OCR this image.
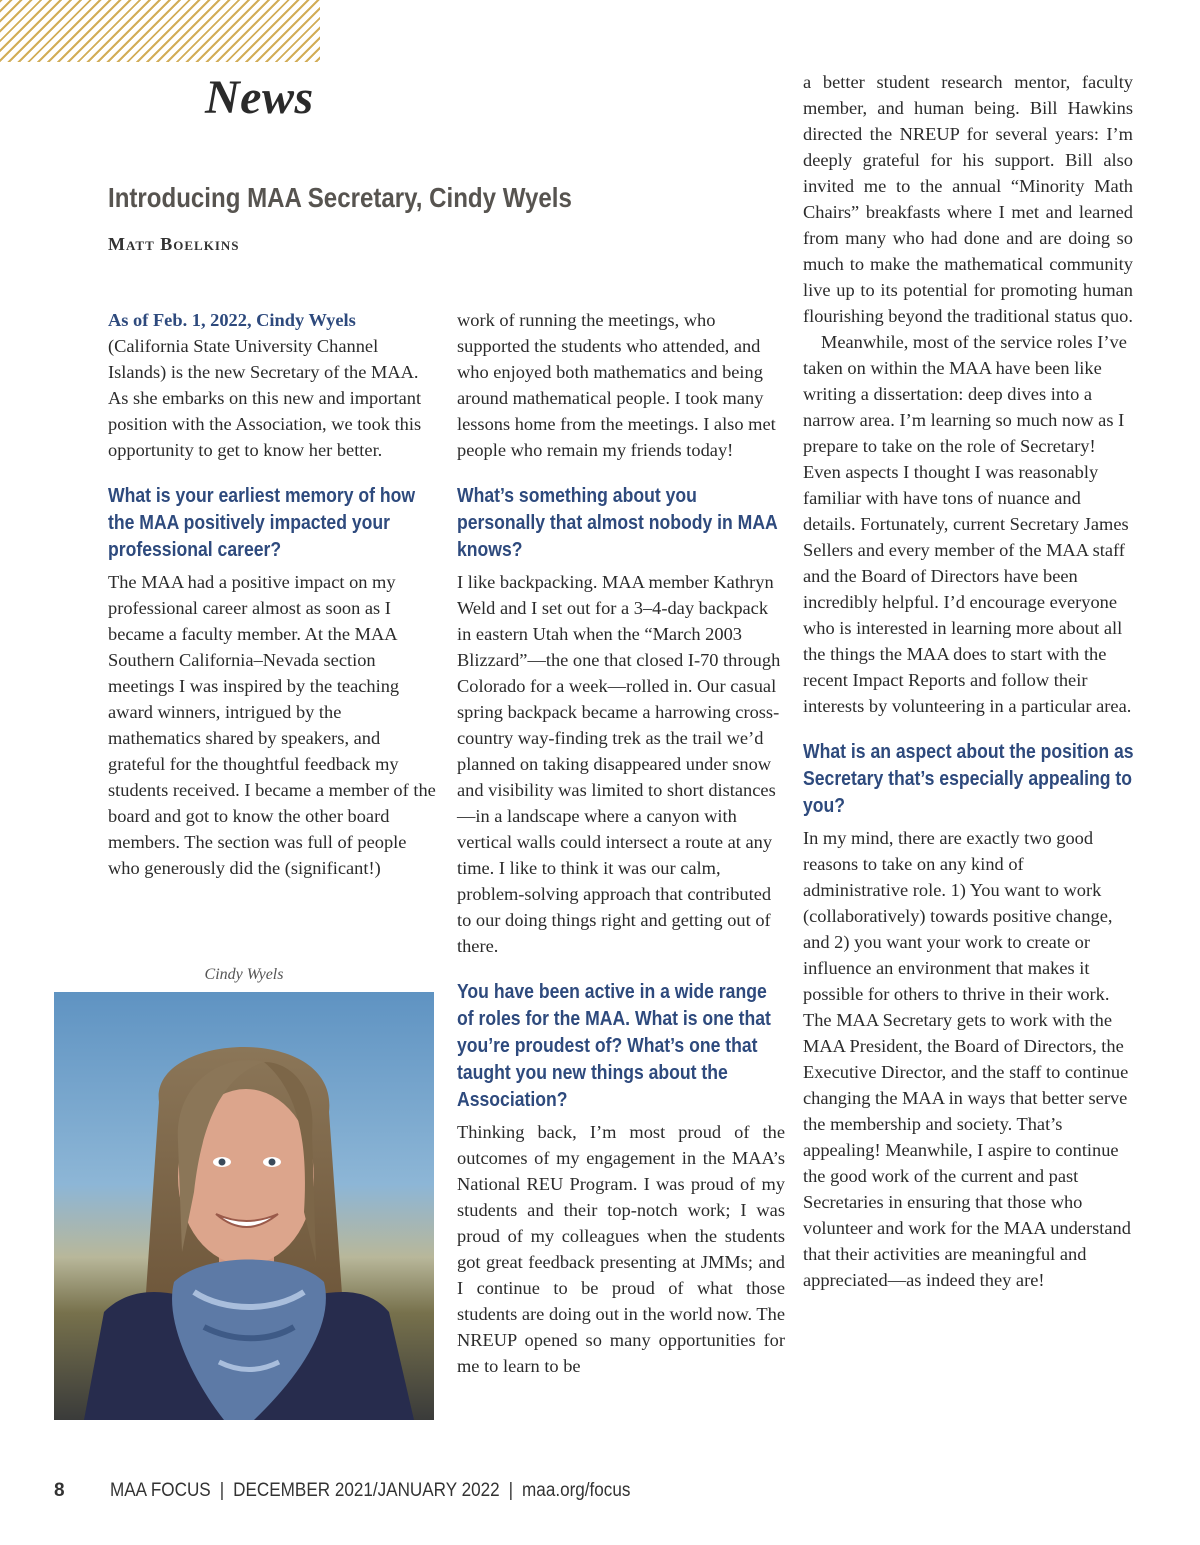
News
Introducing MAA Secretary, Cindy Wyels
Matt Boelkins

As of Feb. 1, 2022, Cindy Wyels (California State University Channel Islands) is the new Secretary of the MAA. As she embarks on this new and important position with the Association, we took this opportunity to get to know her better.

What is your earliest memory of how the MAA positively impacted your professional career?

The MAA had a positive impact on my professional career almost as soon as I became a faculty member. At the MAA Southern California–Nevada section meetings I was inspired by the teaching award winners, intrigued by the mathematics shared by speakers, and grateful for the thoughtful feedback my students received. I became a member of the board and got to know the other board members. The section was full of people who generously did the (significant!)

Cindy Wyels

work of running the meetings, who supported the students who attended, and who enjoyed both mathematics and being around mathematical people. I took many lessons home from the meetings. I also met people who remain my friends today!

What’s something about you personally that almost nobody in MAA knows?

I like backpacking. MAA member Kathryn Weld and I set out for a 3–4-day backpack in eastern Utah when the “March 2003 Blizzard”—the one that closed I-70 through Colorado for a week—rolled in. Our casual spring backpack became a harrowing cross-country way-finding trek as the trail we’d planned on taking disappeared under snow and visibility was limited to short distances—in a landscape where a canyon with vertical walls could intersect a route at any time. I like to think it was our calm, problem-solving approach that contributed to our doing things right and getting out of there.

You have been active in a wide range of roles for the MAA. What is one that you’re proudest of? What’s one that taught you new things about the Association?

Thinking back, I’m most proud of the outcomes of my engagement in the MAA’s National REU Program. I was proud of my students and their top-notch work; I was proud of my colleagues when the students got great feedback presenting at JMMs; and I continue to be proud of what those students are doing out in the world now. The NREUP opened so many opportunities for me to learn to be

a better student research mentor, faculty member, and human being. Bill Hawkins directed the NREUP for several years: I’m deeply grateful for his support. Bill also invited me to the annual “Minority Math Chairs” breakfasts where I met and learned from many who had done and are doing so much to make the mathematical community live up to its potential for promoting human flourishing beyond the traditional status quo.

Meanwhile, most of the service roles I’ve taken on within the MAA have been like writing a dissertation: deep dives into a narrow area. I’m learning so much now as I prepare to take on the role of Secretary! Even aspects I thought I was reasonably familiar with have tons of nuance and details. Fortunately, current Secretary James Sellers and every member of the MAA staff and the Board of Directors have been incredibly helpful. I’d encourage everyone who is interested in learning more about all the things the MAA does to start with the recent Impact Reports and follow their interests by volunteering in a particular area.

What is an aspect about the position as Secretary that’s especially appealing to you?

In my mind, there are exactly two good reasons to take on any kind of administrative role. 1) You want to work (collaboratively) towards positive change, and 2) you want your work to create or influence an environment that makes it possible for others to thrive in their work. The MAA Secretary gets to work with the MAA President, the Board of Directors, the Executive Director, and the staff to continue changing the MAA in ways that better serve the membership and society. That’s appealing! Meanwhile, I aspire to continue the good work of the current and past Secretaries in ensuring that those who volunteer and work for the MAA understand that their activities are meaningful and appreciated—as indeed they are!

8 MAA FOCUS | DECEMBER 2021/JANUARY 2022 | maa.org/focus
